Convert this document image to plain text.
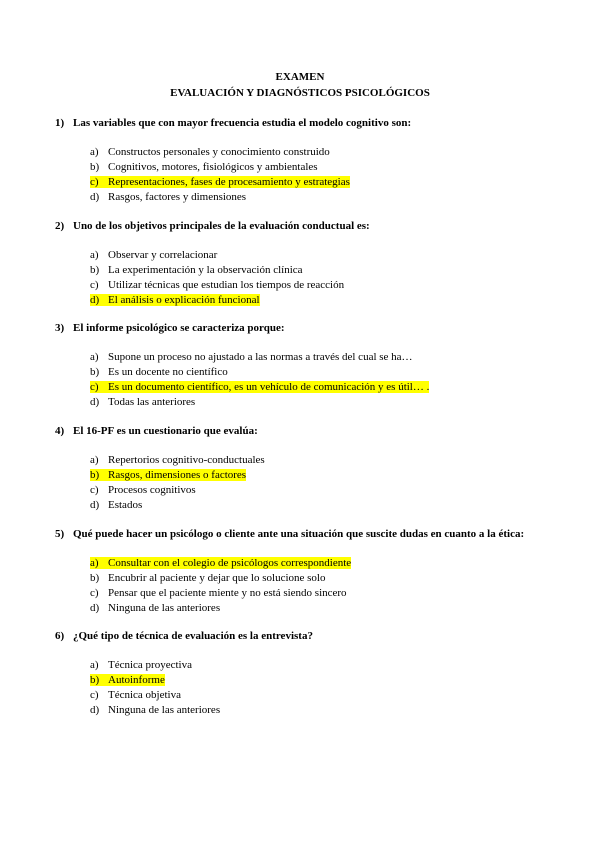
EXAMEN
EVALUACIÓN Y DIAGNÓSTICOS PSICOLÓGICOS
1) Las variables que con mayor frecuencia estudia el modelo cognitivo son:
a) Constructos personales y conocimiento construido
b) Cognitivos, motores, fisiológicos y ambientales
c) Representaciones, fases de procesamiento y estrategias
d) Rasgos, factores y dimensiones
2) Uno de los objetivos principales de la evaluación conductual es:
a) Observar y correlacionar
b) La experimentación y la observación clínica
c) Utilizar técnicas que estudian los tiempos de reacción
d) El análisis o explicación funcional
3) El informe psicológico se caracteriza porque:
a) Supone un proceso no ajustado a las normas a través del cual se ha…
b) Es un docente no científico
c) Es un documento científico, es un vehículo de comunicación y es útil… .
d) Todas las anteriores
4) El 16-PF es un cuestionario que evalúa:
a) Repertorios cognitivo-conductuales
b) Rasgos, dimensiones o factores
c) Procesos cognitivos
d) Estados
5) Qué puede hacer un psicólogo o cliente ante una situación que suscite dudas en cuanto a la ética:
a) Consultar con el colegio de psicólogos correspondiente
b) Encubrir al paciente y dejar que lo solucione solo
c) Pensar que el paciente miente y no está siendo sincero
d) Ninguna de las anteriores
6) ¿Qué tipo de técnica de evaluación es la entrevista?
a) Técnica proyectiva
b) Autoinforme
c) Técnica objetiva
d) Ninguna de las anteriores
